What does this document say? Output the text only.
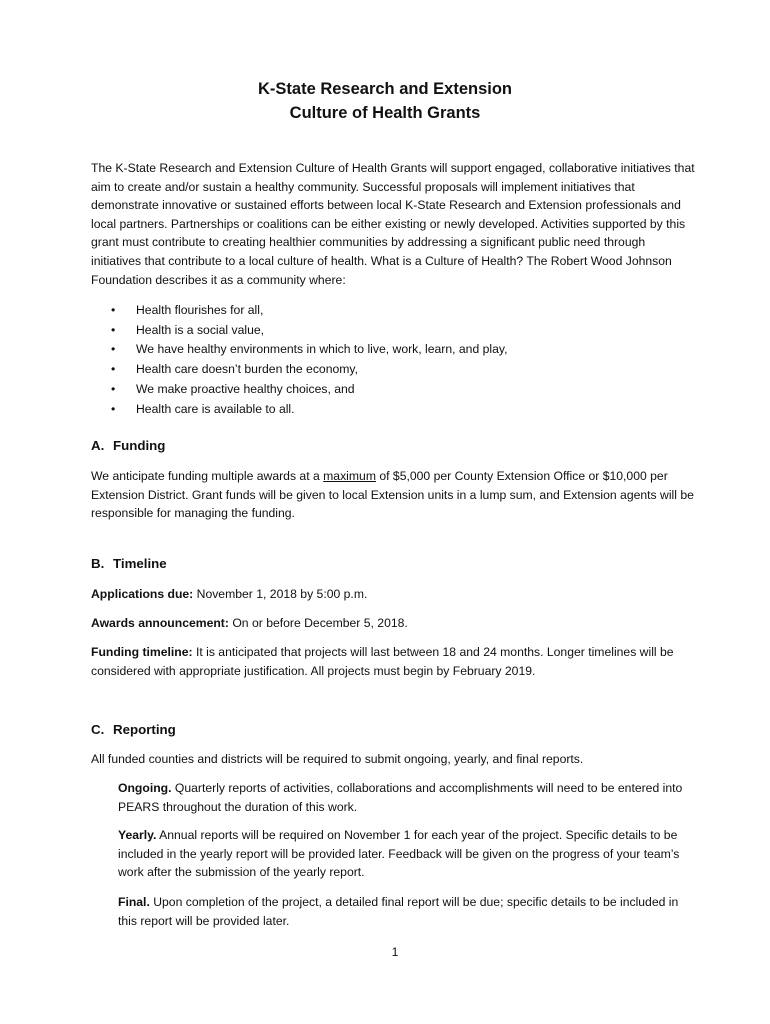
K-State Research and Extension
Culture of Health Grants
The K-State Research and Extension Culture of Health Grants will support engaged, collaborative initiatives that aim to create and/or sustain a healthy community. Successful proposals will implement initiatives that demonstrate innovative or sustained efforts between local K-State Research and Extension professionals and local partners. Partnerships or coalitions can be either existing or newly developed. Activities supported by this grant must contribute to creating healthier communities by addressing a significant public need through initiatives that contribute to a local culture of health. What is a Culture of Health? The Robert Wood Johnson Foundation describes it as a community where:
• Health flourishes for all,
• Health is a social value,
• We have healthy environments in which to live, work, learn, and play,
• Health care doesn’t burden the economy,
• We make proactive healthy choices, and
• Health care is available to all.
A. Funding
We anticipate funding multiple awards at a maximum of $5,000 per County Extension Office or $10,000 per Extension District. Grant funds will be given to local Extension units in a lump sum, and Extension agents will be responsible for managing the funding.
B. Timeline
Applications due: November 1, 2018 by 5:00 p.m.
Awards announcement: On or before December 5, 2018.
Funding timeline: It is anticipated that projects will last between 18 and 24 months. Longer timelines will be considered with appropriate justification. All projects must begin by February 2019.
C. Reporting
All funded counties and districts will be required to submit ongoing, yearly, and final reports.
Ongoing. Quarterly reports of activities, collaborations and accomplishments will need to be entered into PEARS throughout the duration of this work.
Yearly. Annual reports will be required on November 1 for each year of the project. Specific details to be included in the yearly report will be provided later. Feedback will be given on the progress of your team’s work after the submission of the yearly report.
Final. Upon completion of the project, a detailed final report will be due; specific details to be included in this report will be provided later.
1
